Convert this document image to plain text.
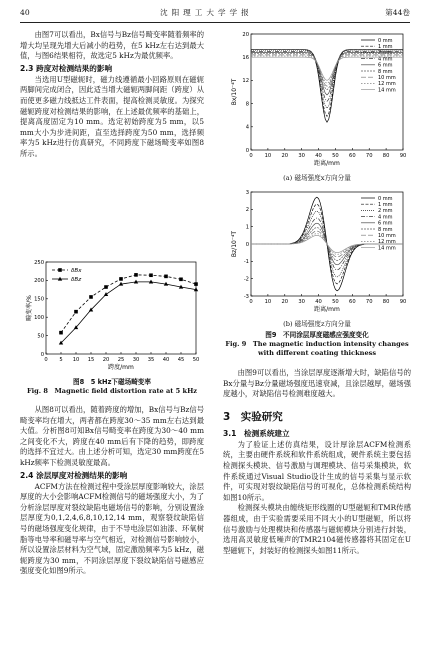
40	沈阳理工大学学报	第44卷

由图7可以看出，Bx信号与Bz信号畸变率随着频率的增大均呈现先增大后减小的趋势，在5 kHz左右达到最大值，与图6结果相符，故选定5 kHz为最优频率。

2.3 跨度对检测结果的影响

当选用U型磁轭时，磁力线遵循最小回路原则在磁轭两脚间完成闭合，因此适当增大磁轭两脚间距（跨度）从而使更多磁力线抵达工件表面，提高检测灵敏度。为探究磁轭跨度对检测结果的影响，在上述最优频率的基础上，提离高度固定为10 mm。选定初始跨度为5 mm，以5 mm大小为步进间距，直至选择跨度为50 mm，选择频率为5 kHz进行仿真研究，不同跨度下磁场畸变率如图8所示。

0 5 10 15 20 25 30 35 40 45 50
0
50
100
150
200
250
跨度/mm
畸变率/%
δBx
δBz
图8　5 kHz下磁场畸变率
Fig. 8　Magnetic field distortion rate at 5 kHz

从图8可以看出，随着跨度的增加，Bx信号与Bz信号畸变率均在增大，两者都在跨度30～35 mm左右达到最大值。分析图8可知Bx信号畸变率在跨度为30～40 mm之间变化不大，跨度在40 mm后有下降的趋势，即跨度的选择不宜过大。由上述分析可知，选定30 mm跨度在5 kHz频率下检测灵敏度最高。

2.4 涂层厚度对检测结果的影响

ACFM方法在检测过程中受涂层厚度影响较大，涂层厚度的大小会影响ACFM检测信号的磁场强度大小，为了分析涂层厚度对裂纹缺陷电磁场信号的影响，分别设置涂层厚度为0,1,2,4,6,8,10,12,14 mm，观察裂纹缺陷信号的磁场强度变化规律，由于不导电涂层如油漆、环氧树脂等电导率和磁导率与空气相近，对检测信号影响较小，所以设置涂层材料为空气域，固定激励频率为5 kHz，磁轭跨度为30 mm，不同涂层厚度下裂纹缺陷信号磁感应强度变化如图9所示。

0 10 20 30 40 50 60 70 80 90
0
4
8
12
16
20
距离/mm
Bx/10⁻⁴T
0 mm
1 mm
2 mm
4 mm
6 mm
8 mm
10 mm
12 mm
14 mm
(a) 磁场强度x方向分量
0 10 20 30 40 50 60 70 80 90
-3
-2
-1
0
1
2
3
距离/mm
Bz/10⁻⁴T
0 mm
1 mm
2 mm
4 mm
6 mm
8 mm
10 mm
12 mm
14 mm
(b) 磁场强度z方向分量
图9　不同涂层厚度磁感应强度变化
Fig. 9　The magnetic induction intensity changes
with different coating thickness

由图9可以看出，当涂层厚度逐渐增大时，缺陷信号的Bx分量与Bz分量磁场强度迅速衰减，且涂层越厚，磁场强度越小，对缺陷信号检测难度越大。

3　实验研究
3.1　检测系统建立

为了验证上述仿真结果，设计厚涂层ACFM检测系统，主要由硬件系统和软件系统组成，硬件系统主要包括检测探头模块、信号激励与调理模块、信号采集模块，软件系统通过Visual Studio设计生成的信号采集与显示软件，可实现对裂纹缺陷信号的可视化，总体检测系统结构如图10所示。

检测探头模块由缠绕矩形线圈的U型磁轭和TMR传感器组成，由于实验需要采用不同大小的U型磁轭，所以将信号激励与处理模块和传感器与磁轭模块分别进行封装，选用高灵敏度低噪声的TMR2104磁传感器将其固定在U型磁轭下，封装好的检测探头如图11所示。
